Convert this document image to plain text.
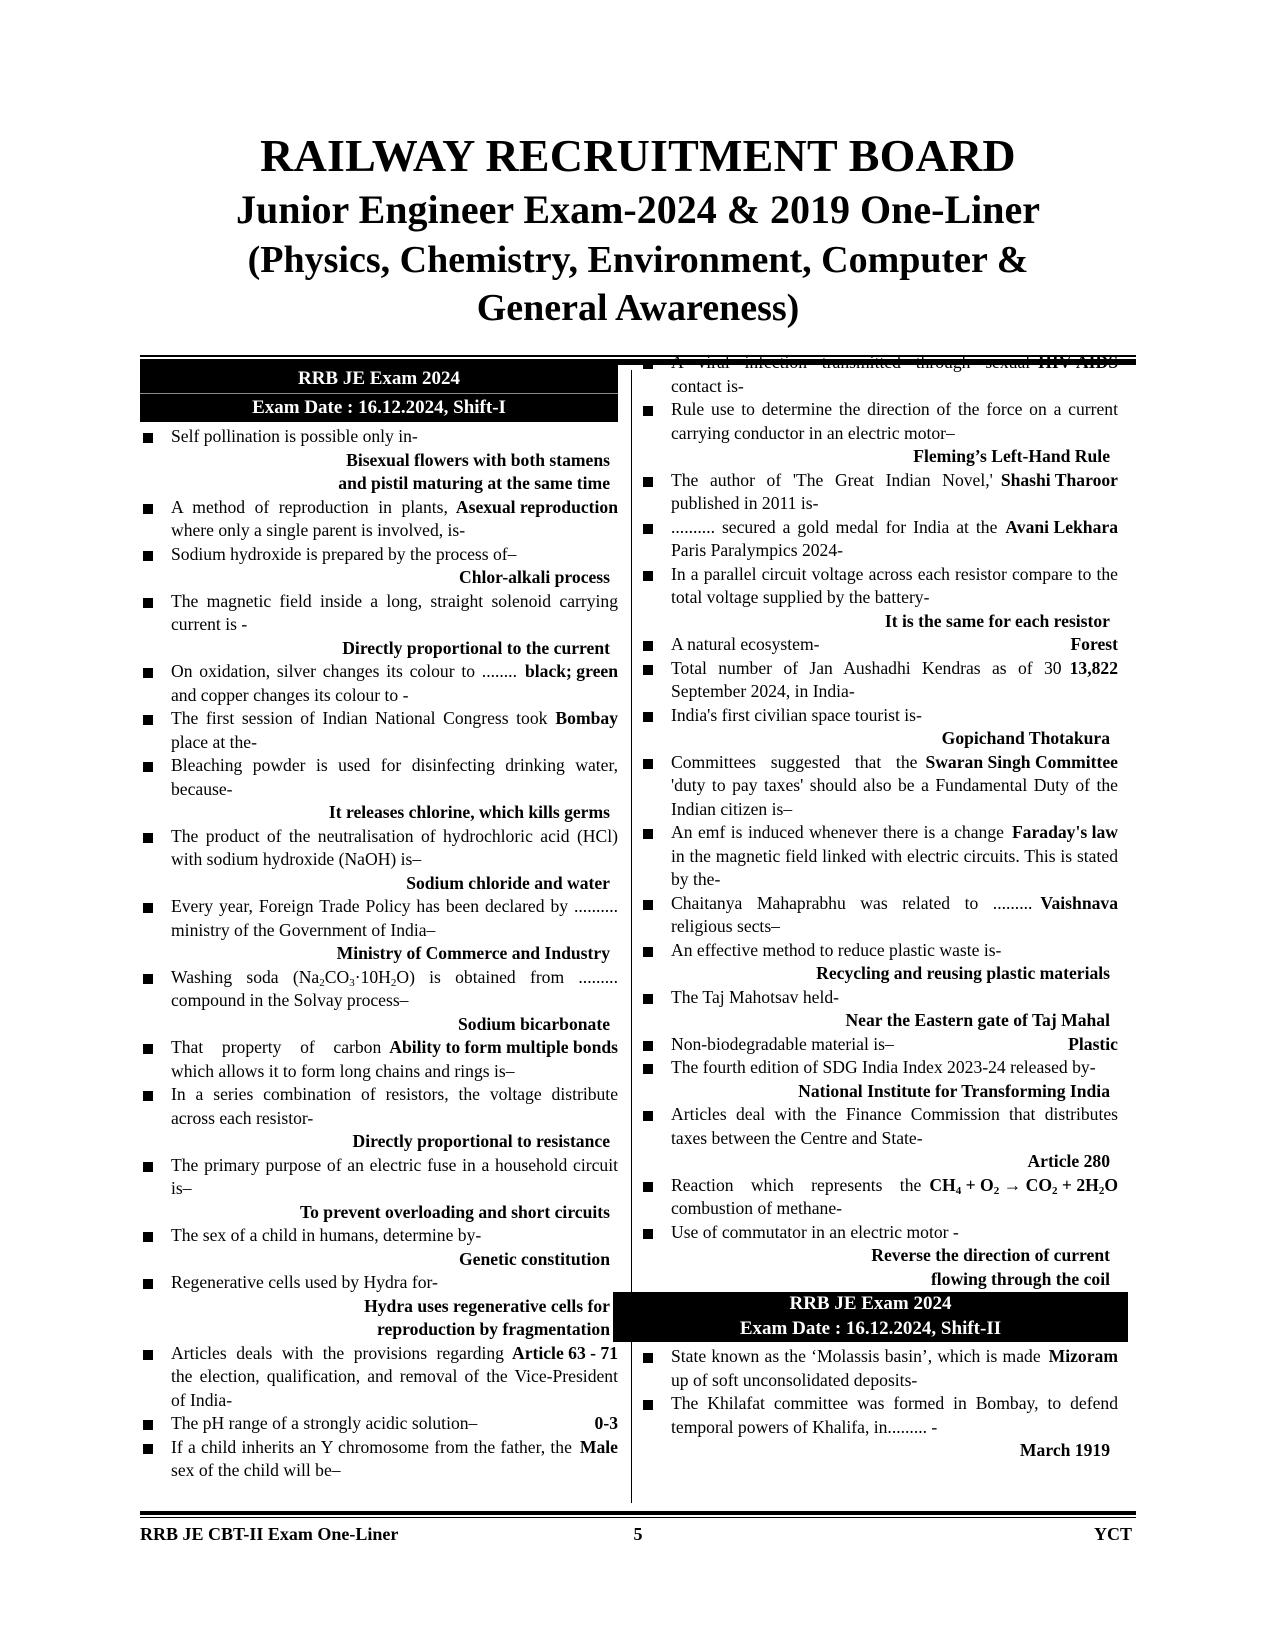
RAILWAY RECRUITMENT BOARD
Junior Engineer Exam-2024 & 2019 One-Liner
(Physics, Chemistry, Environment, Computer &
General Awareness)
RRB JE Exam 2024
Exam Date : 16.12.2024, Shift-I
Self pollination is possible only in-
Bisexual flowers with both stamens
and pistil maturing at the same time
Asexual reproduction
A method of reproduction in plants, where only a single parent is involved, is-
Sodium hydroxide is prepared by the process of–
Chlor-alkali process
The magnetic field inside a long, straight solenoid carrying current is -
Directly proportional to the current
black; green
On oxidation, silver changes its colour to ........ and copper changes its colour to -
Bombay
The first session of Indian National Congress took place at the-
Bleaching powder is used for disinfecting drinking water, because-
It releases chlorine, which kills germs
The product of the neutralisation of hydrochloric acid (HCl) with sodium hydroxide (NaOH) is–
Sodium chloride and water
Every year, Foreign Trade Policy has been declared by .......... ministry of the Government of India–
Ministry of Commerce and Industry
Washing soda $(Na_2CO_3\cdot 10H_2O)$ is obtained from ......... compound in the Solvay process–
Sodium bicarbonate
Ability to form multiple bonds
That property of carbon which allows it to form long chains and rings is–
In a series combination of resistors, the voltage distribute across each resistor-
Directly proportional to resistance
The primary purpose of an electric fuse in a household circuit is–
To prevent overloading and short circuits
The sex of a child in humans, determine by-
Genetic constitution
Regenerative cells used by Hydra for-
Hydra uses regenerative cells for
reproduction by fragmentation
Article 63 - 71
Articles deals with the provisions regarding the election, qualification, and removal of the Vice-President of India-
0-3
The pH range of a strongly acidic solution–
Male
If a child inherits an Y chromosome from the father, the sex of the child will be–
HIV-AIDS
A viral infection transmitted through sexual contact is-
Rule use to determine the direction of the force on a current carrying conductor in an electric motor–
Fleming’s Left-Hand Rule
Shashi Tharoor
The author of 'The Great Indian Novel,' published in 2011 is-
Avani Lekhara
.......... secured a gold medal for India at the Paris Paralympics 2024-
In a parallel circuit voltage across each resistor compare to the total voltage supplied by the battery-
It is the same for each resistor
Forest
A natural ecosystem-
13,822
Total number of Jan Aushadhi Kendras as of 30 September 2024, in India-
India's first civilian space tourist is-
Gopichand Thotakura
Swaran Singh Committee
Committees suggested that the 'duty to pay taxes' should also be a Fundamental Duty of the Indian citizen is–
Faraday's law
An emf is induced whenever there is a change in the magnetic field linked with electric circuits. This is stated by the-
Vaishnava
Chaitanya Mahaprabhu was related to ......... religious sects–
An effective method to reduce plastic waste is-
Recycling and reusing plastic materials
The Taj Mahotsav held-
Near the Eastern gate of Taj Mahal
Plastic
Non-biodegradable material is–
The fourth edition of SDG India Index 2023-24 released by-
National Institute for Transforming India
Articles deal with the Finance Commission that distributes taxes between the Centre and State-
Article 280
$CH_4 + O_2 \to CO_2 + 2H_2O$
Reaction which represents the combustion of methane-
Use of commutator in an electric motor -
Reverse the direction of current
flowing through the coil
RRB JE Exam 2024
Exam Date : 16.12.2024, Shift-II
Mizoram
State known as the ‘Molassis basin’, which is made up of soft unconsolidated deposits-
The Khilafat committee was formed in Bombay, to defend temporal powers of Khalifa, in......... -
March 1919
RRB JE CBT-II Exam One-Liner	5	YCT
